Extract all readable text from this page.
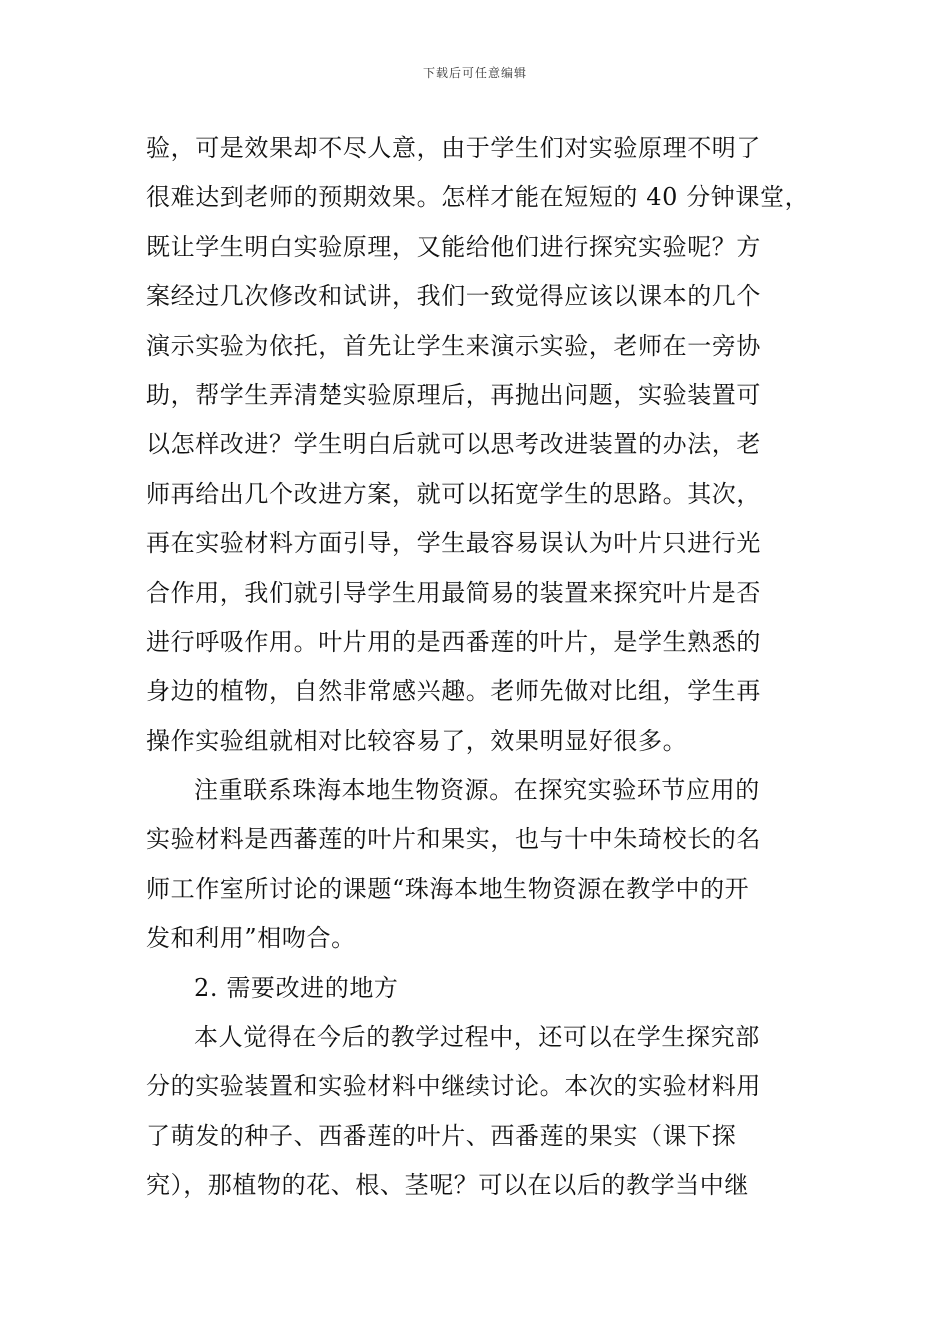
下载后可任意编辑
验，可是效果却不尽人意，由于学生们对实验原理不明了
很难达到老师的预期效果。怎样才能在短短的 40 分钟课堂，
既让学生明白实验原理，又能给他们进行探究实验呢？方
案经过几次修改和试讲，我们一致觉得应该以课本的几个
演示实验为依托，首先让学生来演示实验，老师在一旁协
助，帮学生弄清楚实验原理后，再抛出问题，实验装置可
以怎样改进？学生明白后就可以思考改进装置的办法，老
师再给出几个改进方案，就可以拓宽学生的思路。其次，
再在实验材料方面引导，学生最容易误认为叶片只进行光
合作用，我们就引导学生用最简易的装置来探究叶片是否
进行呼吸作用。叶片用的是西番莲的叶片，是学生熟悉的
身边的植物，自然非常感兴趣。老师先做对比组，学生再
操作实验组就相对比较容易了，效果明显好很多。
注重联系珠海本地生物资源。在探究实验环节应用的
实验材料是西蕃莲的叶片和果实，也与十中朱琦校长的名
师工作室所讨论的课题“珠海本地生物资源在教学中的开
发和利用”相吻合。
2. 需要改进的地方
本人觉得在今后的教学过程中，还可以在学生探究部
分的实验装置和实验材料中继续讨论。本次的实验材料用
了萌发的种子、西番莲的叶片、西番莲的果实（课下探
究），那植物的花、根、茎呢？可以在以后的教学当中继
